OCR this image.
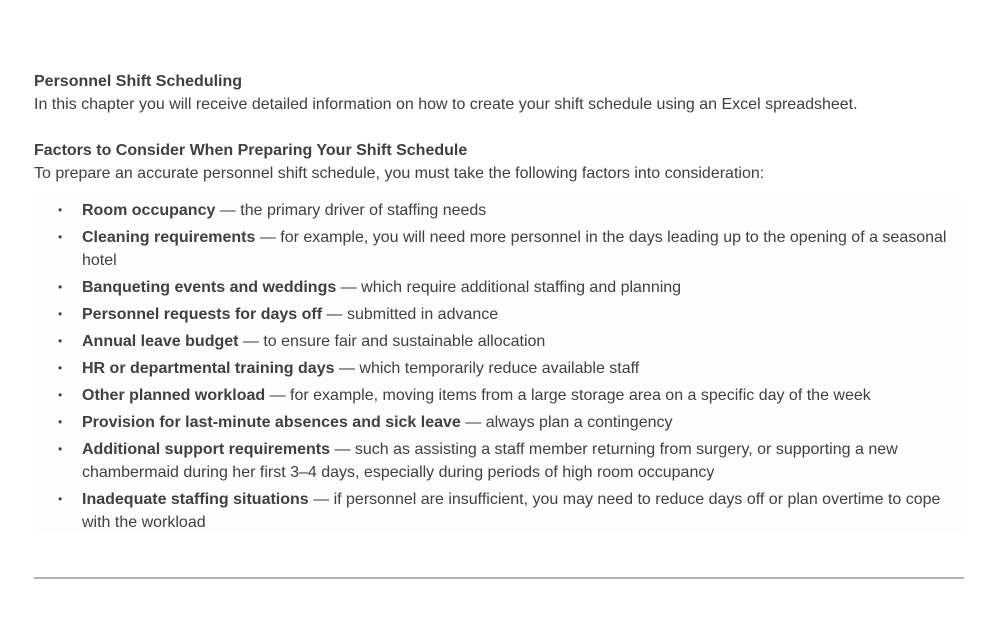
Personnel Shift Scheduling

In this chapter you will receive detailed information on how to create your shift schedule using an Excel spreadsheet.

Factors to Consider When Preparing Your Shift Schedule

To prepare an accurate personnel shift schedule, you must take the following factors into consideration:

• Room occupancy — the primary driver of staffing needs
• Cleaning requirements — for example, you will need more personnel in the days leading up to the opening of a seasonal hotel
• Banqueting events and weddings — which require additional staffing and planning
• Personnel requests for days off — submitted in advance
• Annual leave budget — to ensure fair and sustainable allocation
• HR or departmental training days — which temporarily reduce available staff
• Other planned workload — for example, moving items from a large storage area on a specific day of the week
• Provision for last-minute absences and sick leave — always plan a contingency
• Additional support requirements — such as assisting a staff member returning from surgery, or supporting a new chambermaid during her first 3–4 days, especially during periods of high room occupancy
• Inadequate staffing situations — if personnel are insufficient, you may need to reduce days off or plan overtime to cope with the workload
